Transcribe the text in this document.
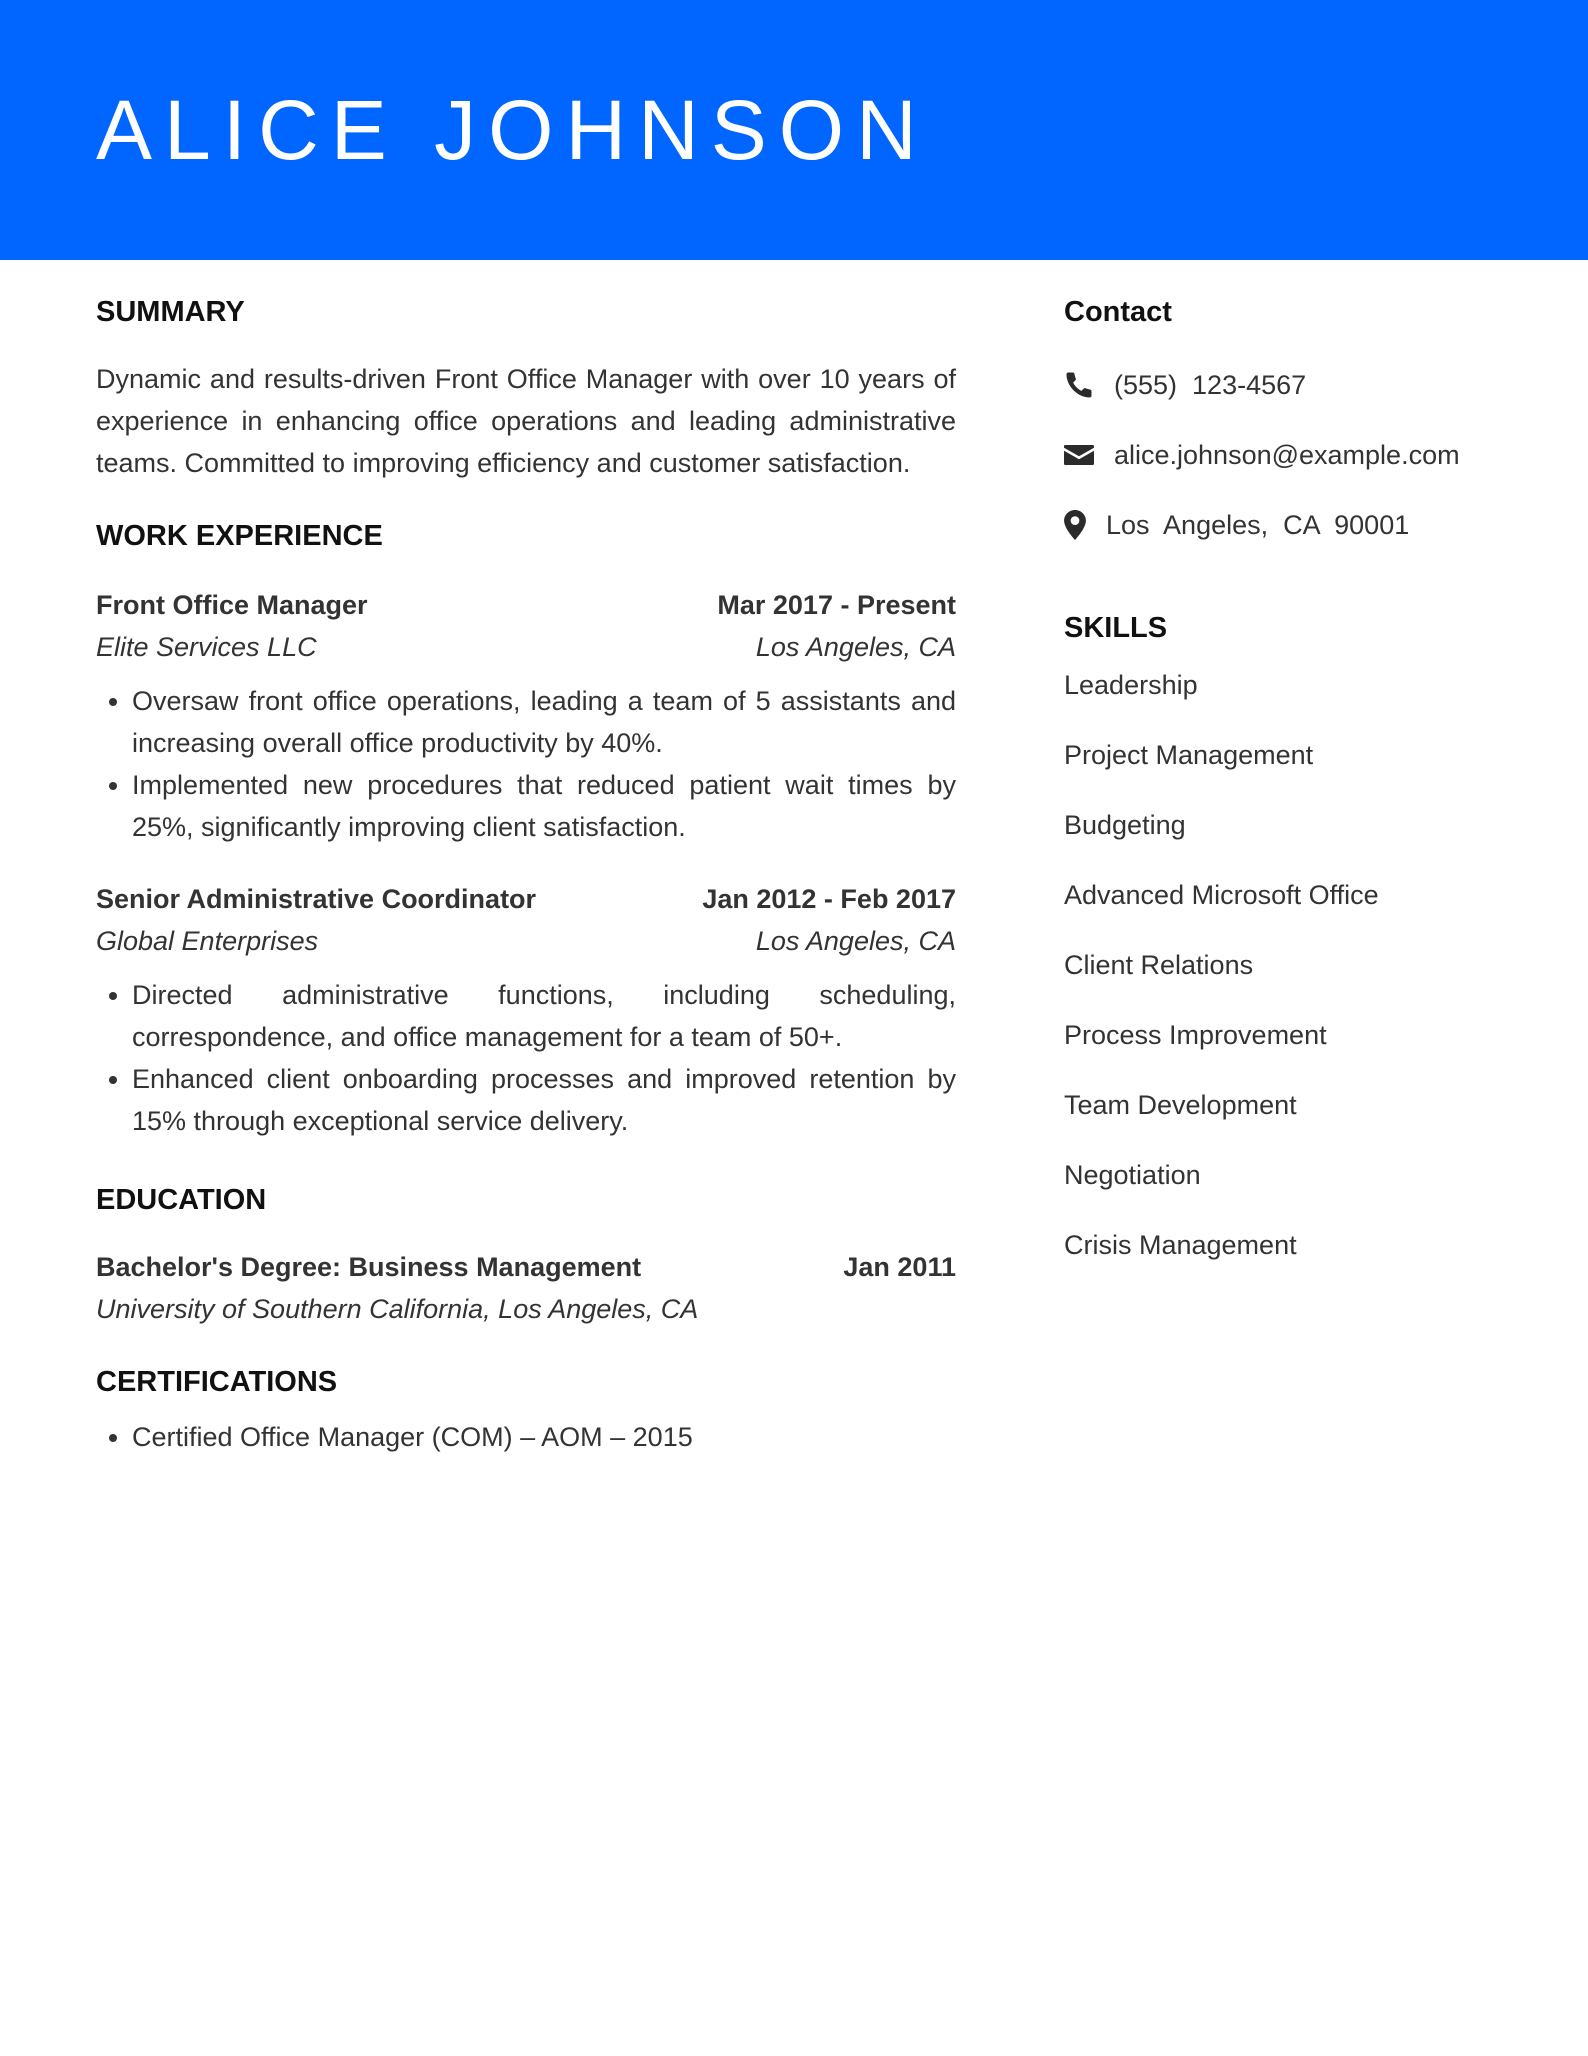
ALICE JOHNSON
SUMMARY

Dynamic and results-driven Front Office Manager with over 10 years of experience in enhancing office operations and leading administrative teams. Committed to improving efficiency and customer satisfaction.

WORK EXPERIENCE
Front Office Manager	Mar 2017 - Present
Elite Services LLC	Los Angeles, CA
• Oversaw front office operations, leading a team of 5 assistants and increasing overall office productivity by 40%.
• Implemented new procedures that reduced patient wait times by 25%, significantly improving client satisfaction.
Senior Administrative Coordinator	Jan 2012 - Feb 2017
Global Enterprises	Los Angeles, CA
• Directed administrative functions, including scheduling, correspondence, and office management for a team of 50+.
• Enhanced client onboarding processes and improved retention by 15% through exceptional service delivery.
EDUCATION
Bachelor's Degree: Business Management	Jan 2011
University of Southern California, Los Angeles, CA
CERTIFICATIONS
• Certified Office Manager (COM) – AOM – 2015
Contact
(555)  123-4567
alice.johnson@example.com
Los  Angeles,  CA  90001
SKILLS
Leadership
Project Management
Budgeting
Advanced Microsoft Office
Client Relations
Process Improvement
Team Development
Negotiation
Crisis Management
